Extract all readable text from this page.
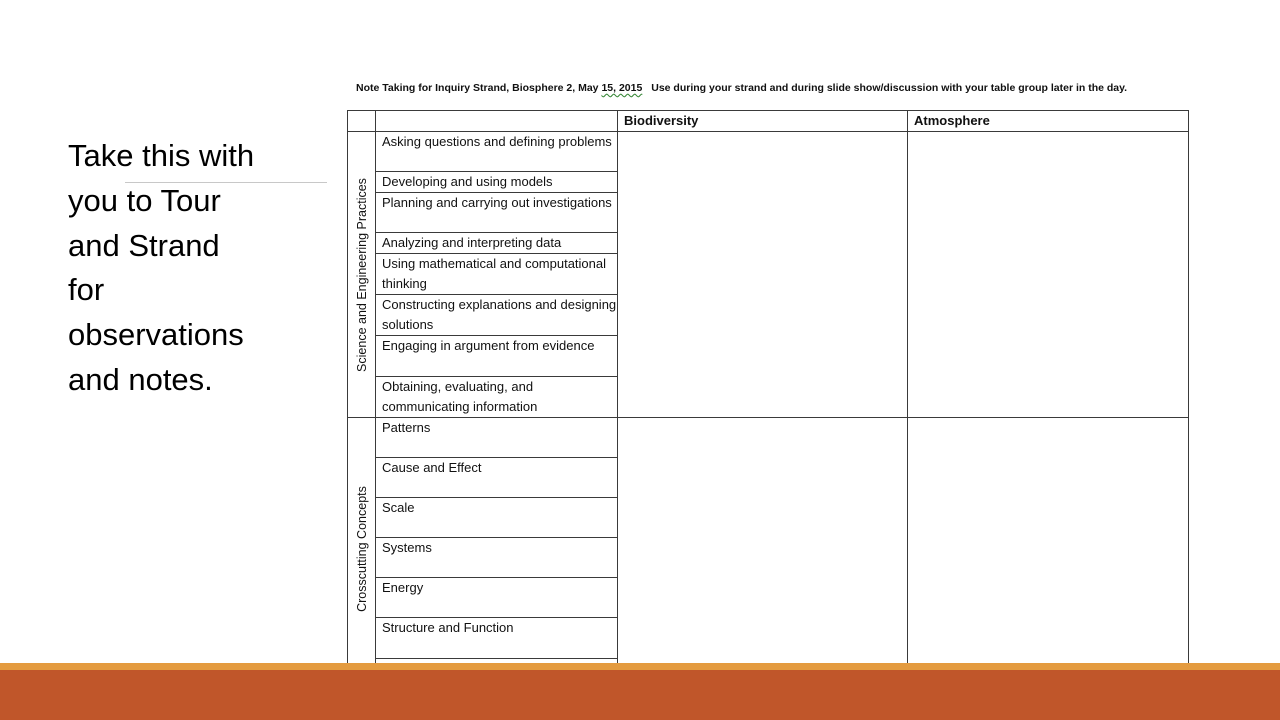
Take this with
you to Tour
and Strand
for
observations
and notes.
Note Taking for Inquiry Strand, Biosphere 2, May 15, 2015 Use during your strand and during slide show/discussion with your table group later in the day.
		Biodiversity	Atmosphere

Science and Engineering Practices	Asking questions and defining problems		
	Developing and using models		
	Planning and carrying out investigations		
	Analyzing and interpreting data		
	Using mathematical and computational thinking		
	Constructing explanations and designing solutions		
	Engaging in argument from evidence		
	Obtaining, evaluating, and communicating information		

Crosscutting Concepts	Patterns		
	Cause and Effect		
	Scale		
	Systems		
	Energy		
	Structure and Function		
